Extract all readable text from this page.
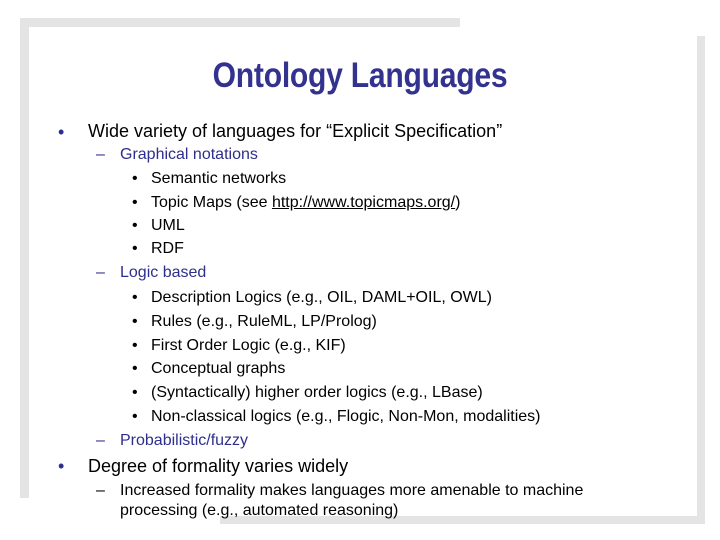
Ontology Languages
• Wide variety of languages for “Explicit Specification”

– Graphical notations

• Semantic networks

• Topic Maps (see http://www.topicmaps.org/)

• UML

• RDF

– Logic based

• Description Logics (e.g., OIL, DAML+OIL, OWL)

• Rules (e.g., RuleML, LP/Prolog)

• First Order Logic (e.g., KIF)

• Conceptual graphs

• (Syntactically) higher order logics (e.g., LBase)

• Non-classical logics (e.g., Flogic, Non-Mon, modalities)

– Probabilistic/fuzzy

• Degree of formality varies widely

– Increased formality makes languages more amenable to machine

processing (e.g., automated reasoning)
